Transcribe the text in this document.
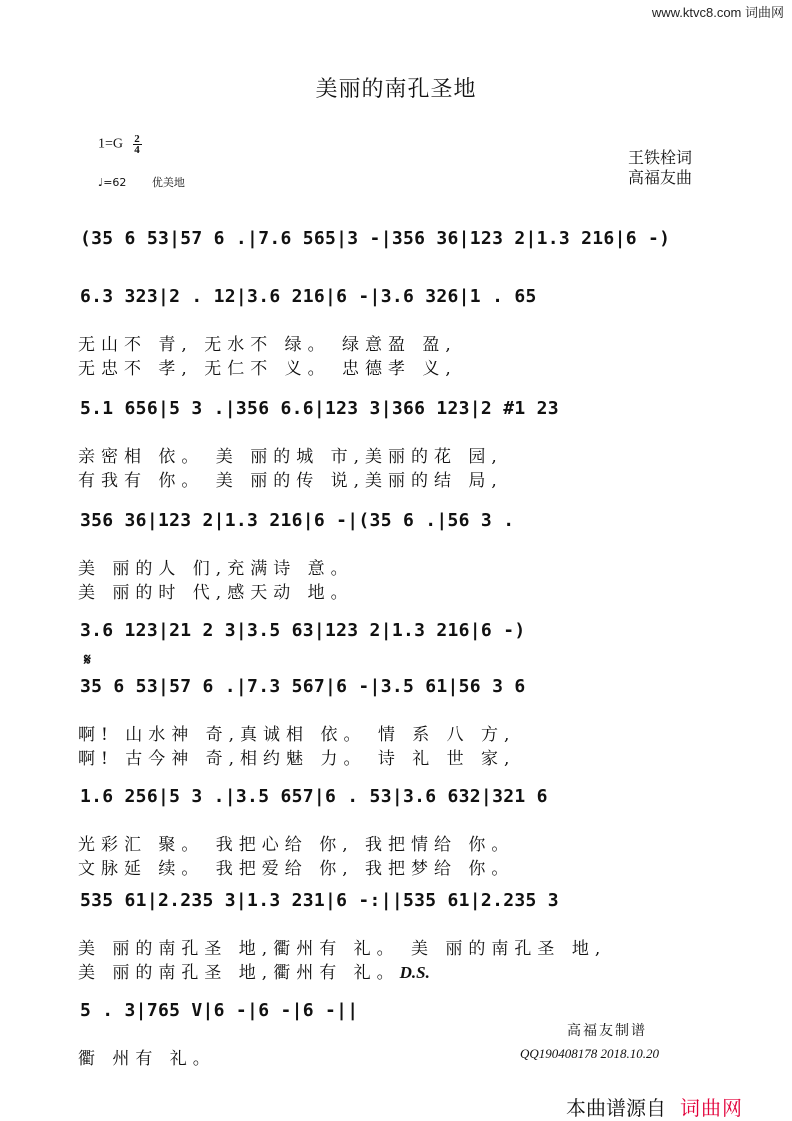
www.ktvc8.com 词曲网
美丽的南孔圣地
$1=G \frac{2}{4}$
♩=62 优美地
王铁栓词
高福友曲
𝄋
(35 6 53|57 6 .|7.6 565|3 -|356 36|123 2|1.3 216|6 -)
6.3 323|2 . 12|3.6 216|6 -|3.6 326|1 . 65
无山不 青, 无水不 绿。 绿意盈 盈,
无忠不 孝, 无仁不 义。 忠德孝 义,
5.1 656|5 3 .|356 6.6|123 3|366 123|2 #1 23
亲密相 依。 美 丽的城 市,美丽的花 园,
有我有 你。 美 丽的传 说,美丽的结 局,
356 36|123 2|1.3 216|6 -|(35 6 .|56 3 .
美 丽的人 们,充满诗 意。
美 丽的时 代,感天动 地。
3.6 123|21 2 3|3.5 63|123 2|1.3 216|6 -)
35 6 53|57 6 .|7.3 567|6 -|3.5 61|56 3 6
啊! 山水神 奇,真诚相 依。 情 系 八 方,
啊! 古今神 奇,相约魅 力。 诗 礼 世 家,
1.6 256|5 3 .|3.5 657|6 . 53|3.6 632|321 6
光彩汇 聚。 我把心给 你, 我把情给 你。
文脉延 续。 我把爱给 你, 我把梦给 你。
535 61|2.235 3|1.3 231|6 -:||535 61|2.235 3
美 丽的南孔圣 地,衢州有 礼。 美 丽的南孔圣 地,
美 丽的南孔圣 地,衢州有 礼。D.S.
5 . 3|765 V|6 -|6 -|6 -||
衢 州有 礼。
高福友制谱
QQ190408178 2018.10.20
本曲谱源自 词曲网
